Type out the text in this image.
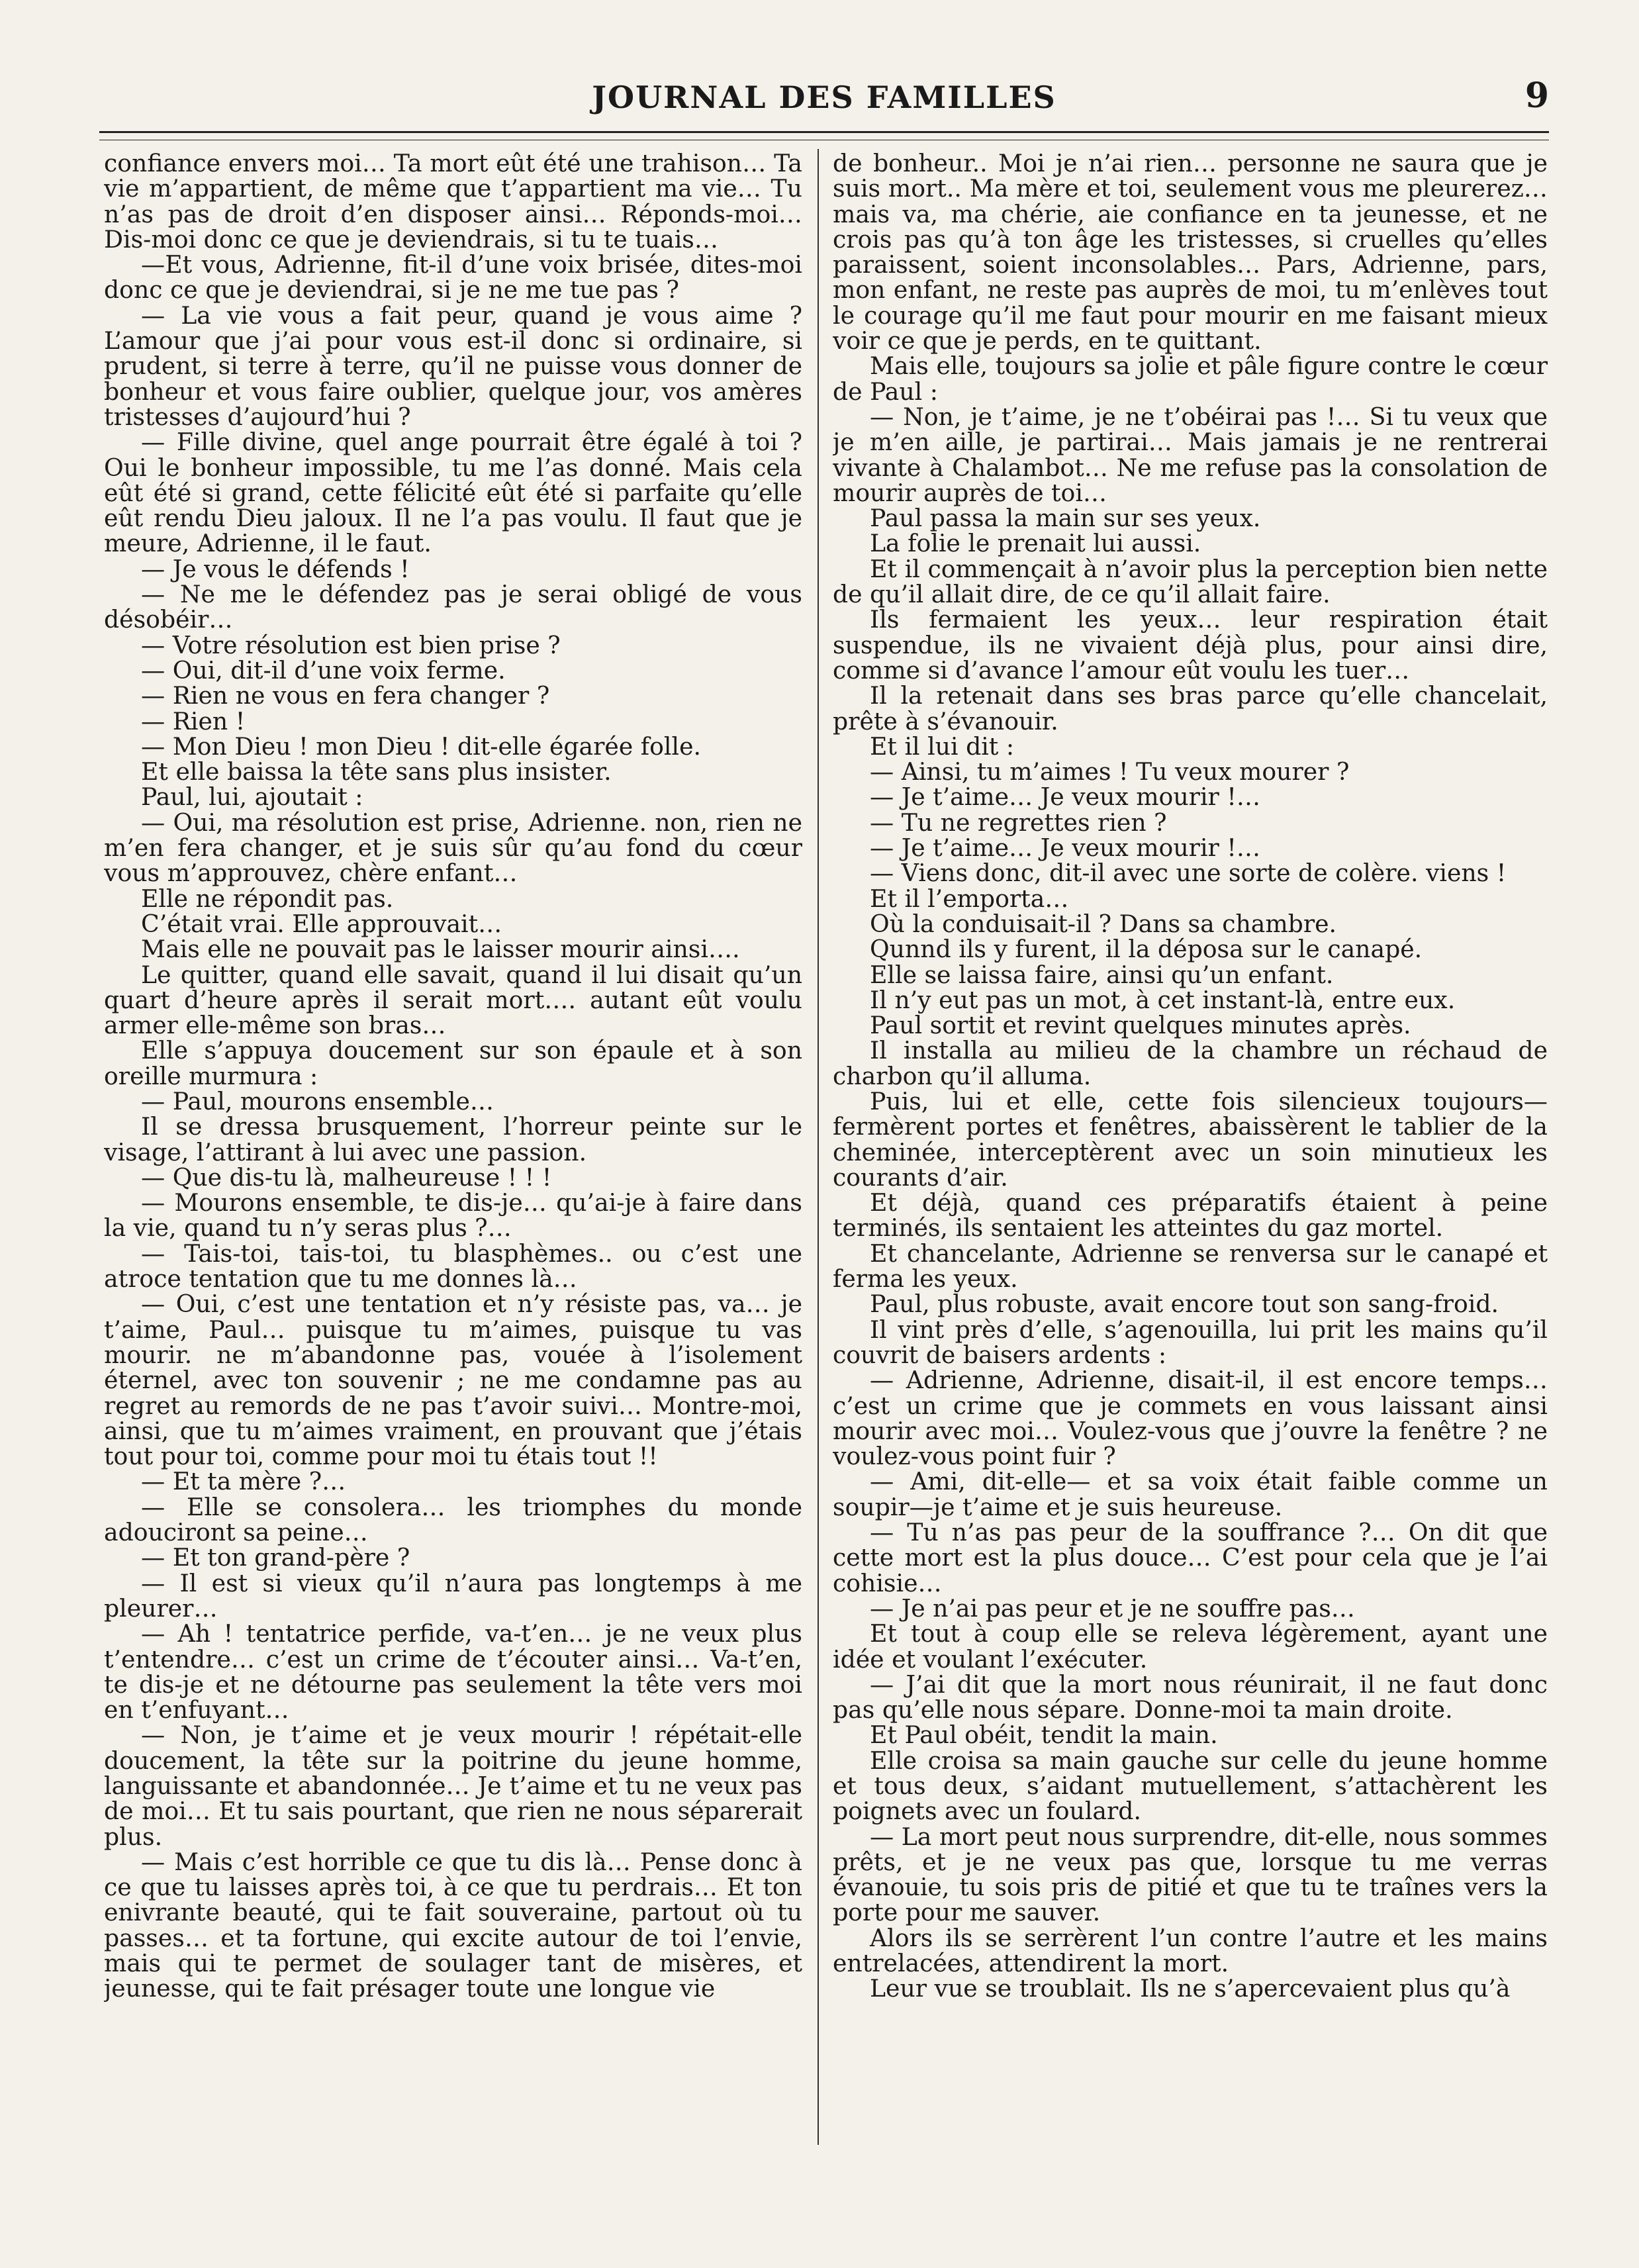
JOURNAL DES FAMILLES	9

confiance envers moi… Ta mort eût été une trahison… Ta vie m’appartient, de même que t’appartient ma vie… Tu n’as pas de droit d’en disposer ainsi… Réponds-moi… Dis-moi donc ce que je deviendrais, si tu te tuais…

—Et vous, Adrienne, fit-il d’une voix brisée, dites-moi donc ce que je deviendrai, si je ne me tue pas ?

— La vie vous a fait peur, quand je vous aime ? L’amour que j’ai pour vous est-il donc si ordinaire, si prudent, si terre à terre, qu’il ne puisse vous donner de bonheur et vous faire oublier, quelque jour, vos amères tristesses d’aujourd’hui ?

— Fille divine, quel ange pourrait être égalé à toi ? Oui le bonheur impossible, tu me l’as donné. Mais cela eût été si grand, cette félicité eût été si parfaite qu’elle eût rendu Dieu jaloux. Il ne l’a pas voulu. Il faut que je meure, Adrienne, il le faut.

— Je vous le défends !

— Ne me le défendez pas je serai obligé de vous désobéir…

— Votre résolution est bien prise ?

— Oui, dit-il d’une voix ferme.

— Rien ne vous en fera changer ?

— Rien !

— Mon Dieu ! mon Dieu ! dit-elle égarée folle.

Et elle baissa la tête sans plus insister.

Paul, lui, ajoutait :

— Oui, ma résolution est prise, Adrienne. non, rien ne m’en fera changer, et je suis sûr qu’au fond du cœur vous m’approuvez, chère enfant…

Elle ne répondit pas.

C’était vrai. Elle approuvait…

Mais elle ne pouvait pas le laisser mourir ainsi….

Le quitter, quand elle savait, quand il lui disait qu’un quart d’heure après il serait mort…. autant eût voulu armer elle-même son bras…

Elle s’appuya doucement sur son épaule et à son oreille murmura :

— Paul, mourons ensemble…

Il se dressa brusquement, l’horreur peinte sur le visage, l’attirant à lui avec une passion.

— Que dis-tu là, malheureuse ! ! !

— Mourons ensemble, te dis-je… qu’ai-je à faire dans la vie, quand tu n’y seras plus ?…

— Tais-toi, tais-toi, tu blasphèmes.. ou c’est une atroce tentation que tu me donnes là…

— Oui, c’est une tentation et n’y résiste pas, va… je t’aime, Paul… puisque tu m’aimes, puisque tu vas mourir. ne m’abandonne pas, vouée à l’isolement éternel, avec ton souvenir ; ne me condamne pas au regret au remords de ne pas t’avoir suivi… Montre-moi, ainsi, que tu m’aimes vraiment, en prouvant que j’étais tout pour toi, comme pour moi tu étais tout !!

— Et ta mère ?…

— Elle se consolera… les triomphes du monde adouciront sa peine…

— Et ton grand-père ?

— Il est si vieux qu’il n’aura pas longtemps à me pleurer…

— Ah ! tentatrice perfide, va-t’en… je ne veux plus t’entendre… c’est un crime de t’écouter ainsi… Va-t’en, te dis-je et ne détourne pas seulement la tête vers moi en t’enfuyant…

— Non, je t’aime et je veux mourir ! répétait-elle doucement, la tête sur la poitrine du jeune homme, languissante et abandonnée… Je t’aime et tu ne veux pas de moi… Et tu sais pourtant, que rien ne nous séparerait plus.

— Mais c’est horrible ce que tu dis là… Pense donc à ce que tu laisses après toi, à ce que tu perdrais… Et ton enivrante beauté, qui te fait souveraine, partout où tu passes… et ta fortune, qui excite autour de toi l’envie, mais qui te permet de soulager tant de misères, et jeunesse, qui te fait présager toute une longue vie

de bonheur.. Moi je n’ai rien… personne ne saura que je suis mort.. Ma mère et toi, seulement vous me pleurerez… mais va, ma chérie, aie confiance en ta jeunesse, et ne crois pas qu’à ton âge les tristesses, si cruelles qu’elles paraissent, soient inconsolables… Pars, Adrienne, pars, mon enfant, ne reste pas auprès de moi, tu m’enlèves tout le courage qu’il me faut pour mourir en me faisant mieux voir ce que je perds, en te quittant.

Mais elle, toujours sa jolie et pâle figure contre le cœur de Paul :

— Non, je t’aime, je ne t’obéirai pas !… Si tu veux que je m’en aille, je partirai… Mais jamais je ne rentrerai vivante à Chalambot… Ne me refuse pas la consolation de mourir auprès de toi…

Paul passa la main sur ses yeux.

La folie le prenait lui aussi.

Et il commençait à n’avoir plus la perception bien nette de qu’il allait dire, de ce qu’il allait faire.

Ils fermaient les yeux… leur respiration était suspendue, ils ne vivaient déjà plus, pour ainsi dire, comme si d’avance l’amour eût voulu les tuer…

Il la retenait dans ses bras parce qu’elle chancelait, prête à s’évanouir.

Et il lui dit :

— Ainsi, tu m’aimes ! Tu veux mourer ?

— Je t’aime… Je veux mourir !…

— Tu ne regrettes rien ?

— Je t’aime… Je veux mourir !…

— Viens donc, dit-il avec une sorte de colère. viens !

Et il l’emporta…

Où la conduisait-il ? Dans sa chambre.

Qunnd ils y furent, il la déposa sur le canapé.

Elle se laissa faire, ainsi qu’un enfant.

Il n’y eut pas un mot, à cet instant-là, entre eux.

Paul sortit et revint quelques minutes après.

Il installa au milieu de la chambre un réchaud de charbon qu’il alluma.

Puis, lui et elle, cette fois silencieux toujours—fermèrent portes et fenêtres, abaissèrent le tablier de la cheminée, interceptèrent avec un soin minutieux les courants d’air.

Et déjà, quand ces préparatifs étaient à peine terminés, ils sentaient les atteintes du gaz mortel.

Et chancelante, Adrienne se renversa sur le canapé et ferma les yeux.

Paul, plus robuste, avait encore tout son sang-froid.

Il vint près d’elle, s’agenouilla, lui prit les mains qu’il couvrit de baisers ardents :

— Adrienne, Adrienne, disait-il, il est encore temps… c’est un crime que je commets en vous laissant ainsi mourir avec moi… Voulez-vous que j’ouvre la fenêtre ? ne voulez-vous point fuir ?

— Ami, dit-elle— et sa voix était faible comme un soupir—je t’aime et je suis heureuse.

— Tu n’as pas peur de la souffrance ?… On dit que cette mort est la plus douce… C’est pour cela que je l’ai cohisie…

— Je n’ai pas peur et je ne souffre pas…

Et tout à coup elle se releva légèrement, ayant une idée et voulant l’exécuter.

— J’ai dit que la mort nous réunirait, il ne faut donc pas qu’elle nous sépare. Donne-moi ta main droite.

Et Paul obéit, tendit la main.

Elle croisa sa main gauche sur celle du jeune homme et tous deux, s’aidant mutuellement, s’attachèrent les poignets avec un foulard.

— La mort peut nous surprendre, dit-elle, nous sommes prêts, et je ne veux pas que, lorsque tu me verras évanouie, tu sois pris de pitié et que tu te traînes vers la porte pour me sauver.

Alors ils se serrèrent l’un contre l’autre et les mains entrelacées, attendirent la mort.

Leur vue se troublait. Ils ne s’apercevaient plus qu’à
